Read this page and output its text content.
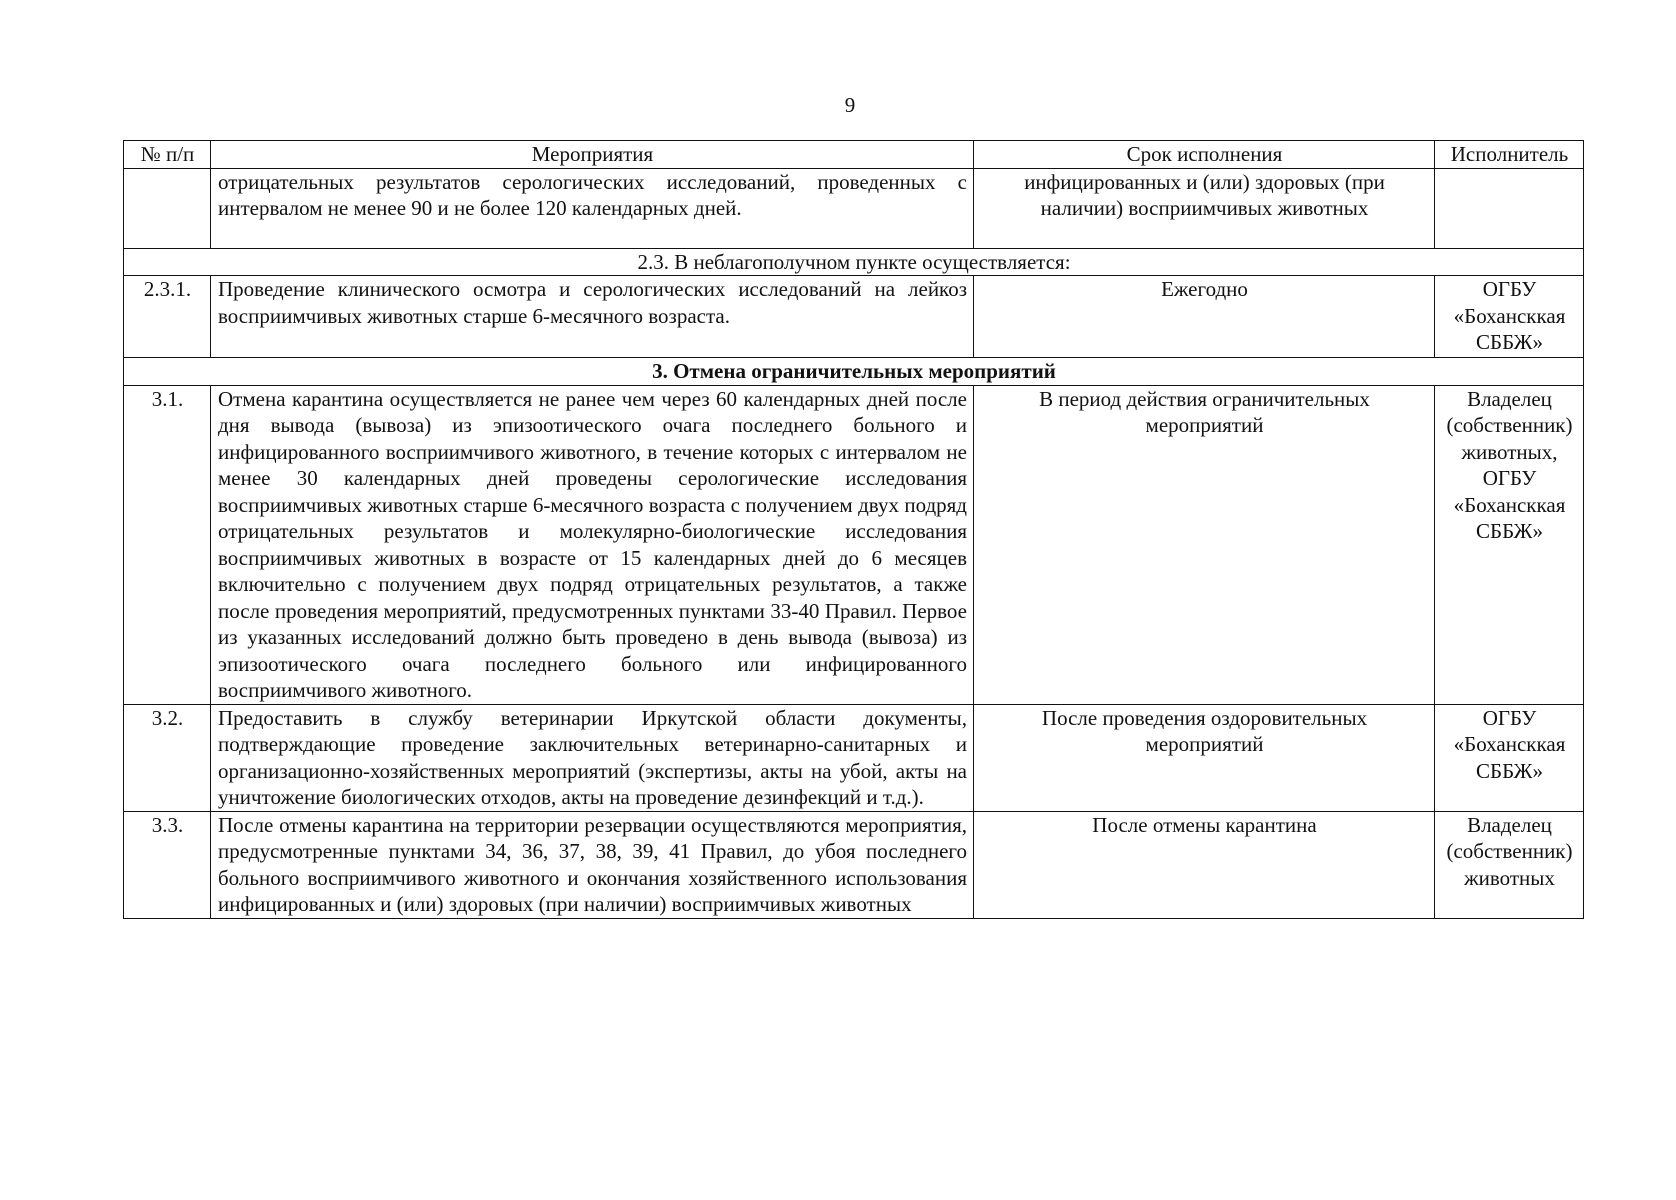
9
№ п/п	Мероприятия	Срок исполнения	Исполнитель
	отрицательных результатов серологических исследований, проведенных с интервалом не менее 90 и не более 120 календарных дней.	инфицированных и (или) здоровых (при наличии) восприимчивых животных	
2.3. В неблагополучном пункте осуществляется:			
2.3.1.	Проведение клинического осмотра и серологических исследований на лейкоз восприимчивых животных старше 6-месячного возраста.	Ежегодно	ОГБУ «Бохансккая СББЖ»
3. Отмена ограничительных мероприятий			
3.1.	Отмена карантина осуществляется не ранее чем через 60 календарных дней после дня вывода (вывоза) из эпизоотического очага последнего больного и инфицированного восприимчивого животного, в течение которых с интервалом не менее 30 календарных дней проведены серологические исследования восприимчивых животных старше 6-месячного возраста с получением двух подряд отрицательных результатов и молекулярно-биологические исследования восприимчивых животных в возрасте от 15 календарных дней до 6 месяцев включительно с получением двух подряд отрицательных результатов, а также после проведения мероприятий, предусмотренных пунктами 33-40 Правил. Первое из указанных исследований должно быть проведено в день вывода (вывоза) из эпизоотического очага последнего больного или инфицированного восприимчивого животного.	В период действия ограничительных мероприятий	Владелец (собственник) животных, ОГБУ «Бохансккая СББЖ»
3.2.	Предоставить в службу ветеринарии Иркутской области документы, подтверждающие проведение заключительных ветеринарно-санитарных и организационно-хозяйственных мероприятий (экспертизы, акты на убой, акты на уничтожение биологических отходов, акты на проведение дезинфекций и т.д.).	После проведения оздоровительных мероприятий	ОГБУ «Бохансккая СББЖ»
3.3.	После отмены карантина на территории резервации осуществляются мероприятия, предусмотренные пунктами 34, 36, 37, 38, 39, 41 Правил, до убоя последнего больного восприимчивого животного и окончания хозяйственного использования инфицированных и (или) здоровых (при наличии) восприимчивых животных	После отмены карантина	Владелец (собственник) животных
